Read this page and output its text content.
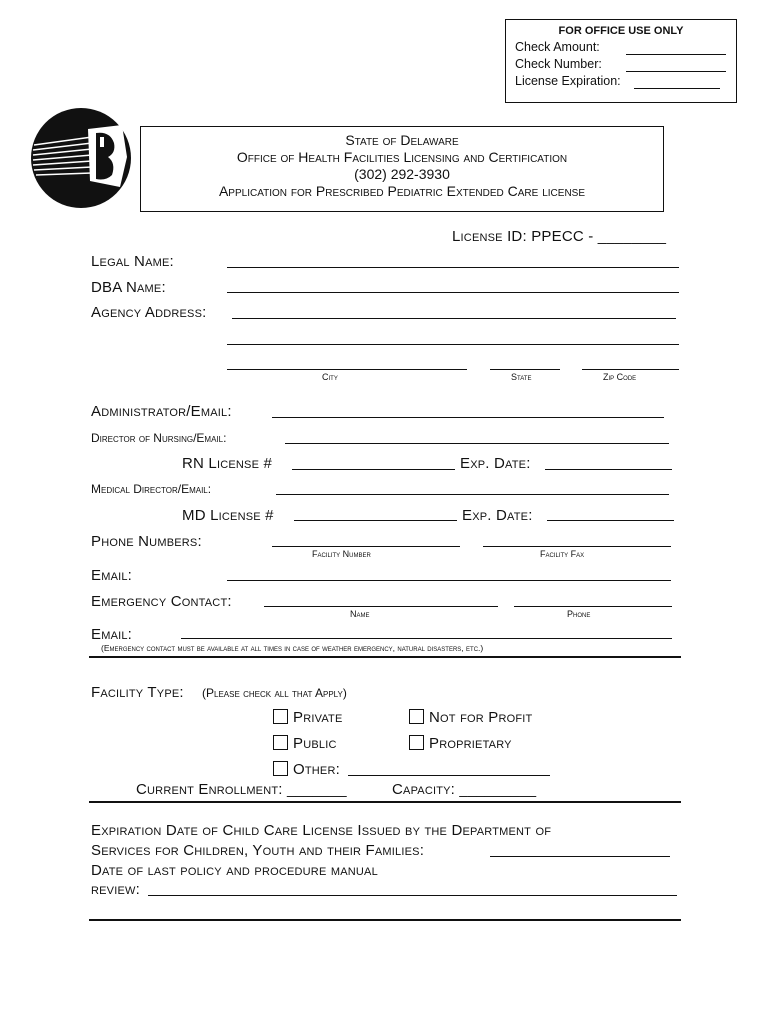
FOR OFFICE USE ONLY
Check Amount:
Check Number:
License Expiration:
State of Delaware
Office of Health Facilities Licensing and Certification
(302) 292-3930
Application for Prescribed Pediatric Extended Care license
License ID: PPECC - ________
Legal Name:
DBA Name:
Agency Address:
City	State	Zip Code
Administrator/Email:
Director of Nursing/Email:
RN License #	Exp. Date:
Medical Director/Email:
MD License #	Exp. Date:
Phone Numbers:
Facility Number	Facility Fax
Email:
Emergency Contact:
Name	Phone
Email:
(Emergency contact must be available at all times in case of weather emergency, natural disasters, etc.)
Facility Type: (Please check all that Apply)
Private	Not for Profit
Public	Proprietary
Other:
Current Enrollment: _______	Capacity: _________
Expiration Date of Child Care License Issued by the Department of
Services for Children, Youth and their Families:
Date of last policy and procedure manual
review:
